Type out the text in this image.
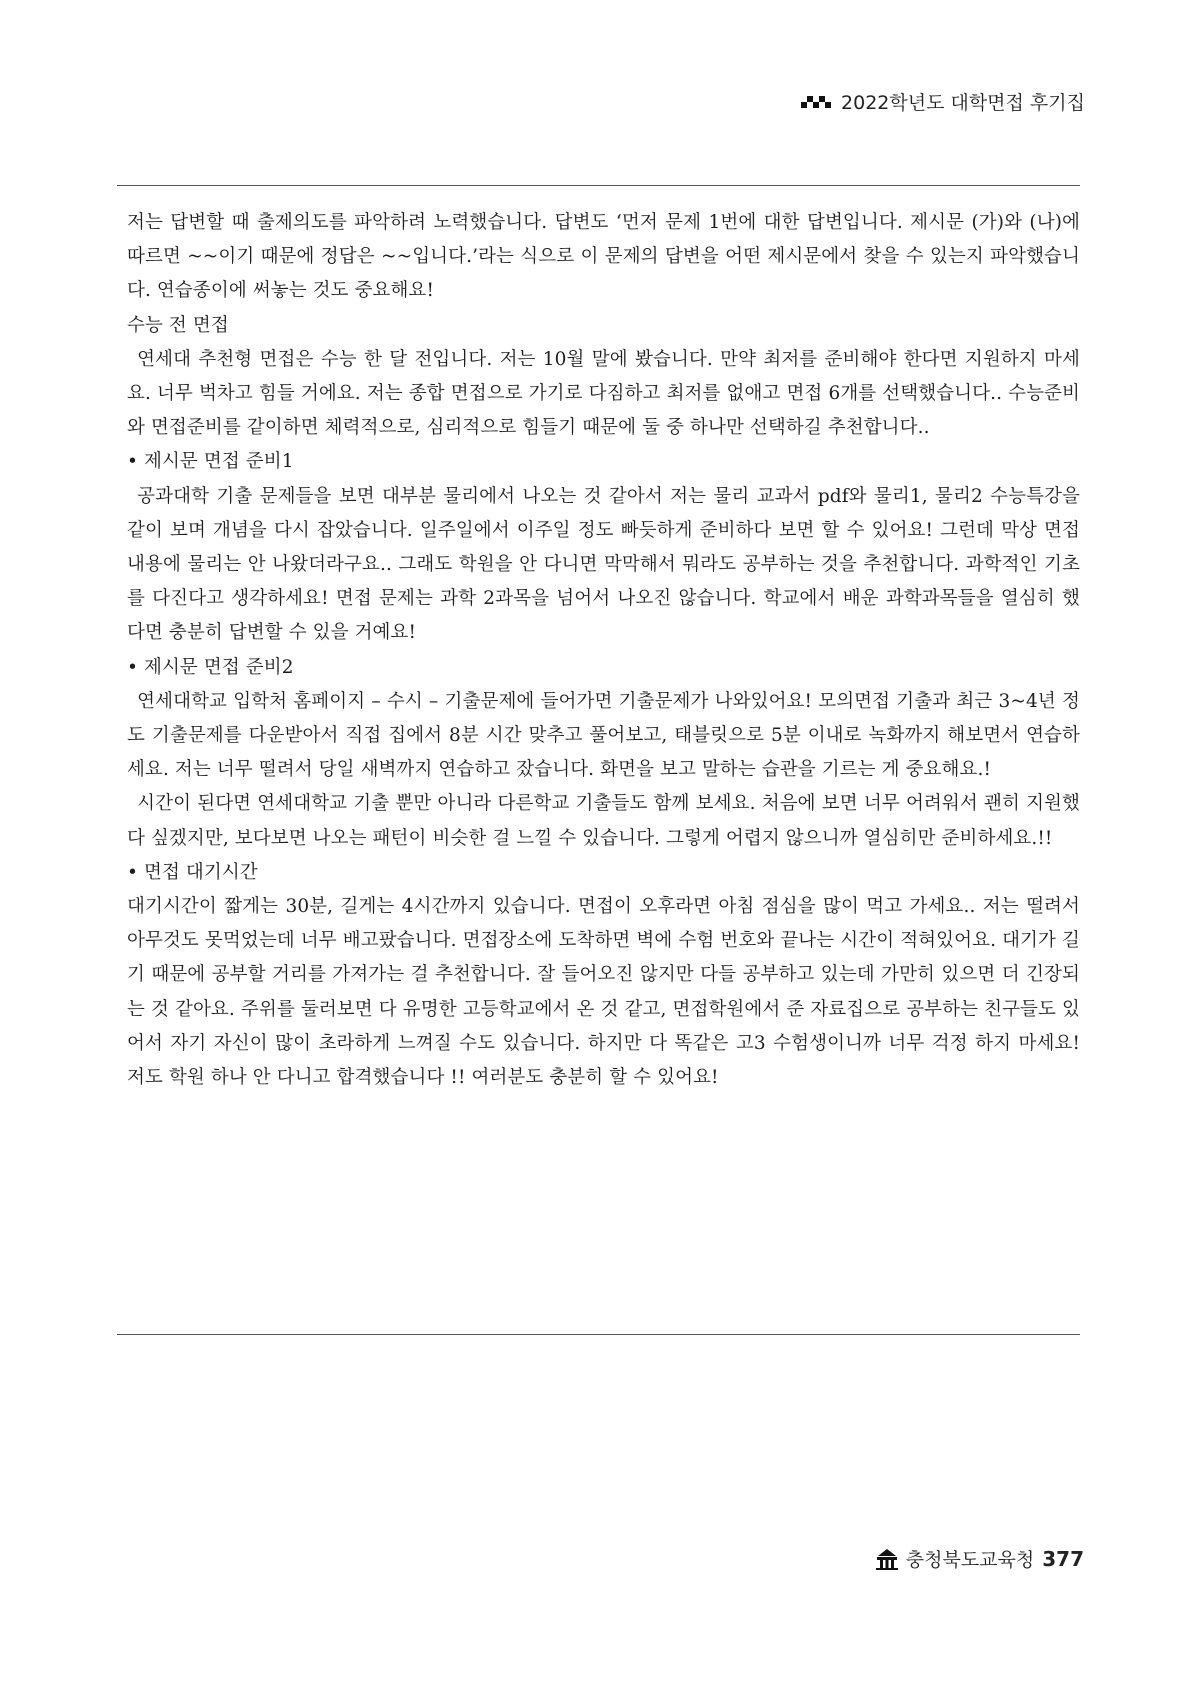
2022학년도 대학면접 후기집

저는 답변할 때 출제의도를 파악하려 노력했습니다. 답변도 ‘먼저 문제 1번에 대한 답변입니다. 제시문 (가)와 (나)에 따르면 ~~이기 때문에 정답은 ~~입니다.’라는 식으로 이 문제의 답변을 어떤 제시문에서 찾을 수 있는지 파악했습니다. 연습종이에 써놓는 것도 중요해요!

수능 전 면접

연세대 추천형 면접은 수능 한 달 전입니다. 저는 10월 말에 봤습니다. 만약 최저를 준비해야 한다면 지원하지 마세요. 너무 벅차고 힘들 거에요. 저는 종합 면접으로 가기로 다짐하고 최저를 없애고 면접 6개를 선택했습니다.. 수능준비와 면접준비를 같이하면 체력적으로, 심리적으로 힘들기 때문에 둘 중 하나만 선택하길 추천합니다..

• 제시문 면접 준비1

공과대학 기출 문제들을 보면 대부분 물리에서 나오는 것 같아서 저는 물리 교과서 pdf와 물리1, 물리2 수능특강을 같이 보며 개념을 다시 잡았습니다. 일주일에서 이주일 정도 빠듯하게 준비하다 보면 할 수 있어요! 그런데 막상 면접 내용에 물리는 안 나왔더라구요.. 그래도 학원을 안 다니면 막막해서 뭐라도 공부하는 것을 추천합니다. 과학적인 기초를 다진다고 생각하세요! 면접 문제는 과학 2과목을 넘어서 나오진 않습니다. 학교에서 배운 과학과목들을 열심히 했다면 충분히 답변할 수 있을 거예요!

• 제시문 면접 준비2

연세대학교 입학처 홈페이지 – 수시 – 기출문제에 들어가면 기출문제가 나와있어요! 모의면접 기출과 최근 3~4년 정도 기출문제를 다운받아서 직접 집에서 8분 시간 맞추고 풀어보고, 태블릿으로 5분 이내로 녹화까지 해보면서 연습하세요. 저는 너무 떨려서 당일 새벽까지 연습하고 잤습니다. 화면을 보고 말하는 습관을 기르는 게 중요해요.!

시간이 된다면 연세대학교 기출 뿐만 아니라 다른학교 기출들도 함께 보세요. 처음에 보면 너무 어려워서 괜히 지원했다 싶겠지만, 보다보면 나오는 패턴이 비슷한 걸 느낄 수 있습니다. 그렇게 어렵지 않으니까 열심히만 준비하세요.!!

• 면접 대기시간

대기시간이 짧게는 30분, 길게는 4시간까지 있습니다. 면접이 오후라면 아침 점심을 많이 먹고 가세요.. 저는 떨려서 아무것도 못먹었는데 너무 배고팠습니다. 면접장소에 도착하면 벽에 수험 번호와 끝나는 시간이 적혀있어요. 대기가 길기 때문에 공부할 거리를 가져가는 걸 추천합니다. 잘 들어오진 않지만 다들 공부하고 있는데 가만히 있으면 더 긴장되는 것 같아요. 주위를 둘러보면 다 유명한 고등학교에서 온 것 같고, 면접학원에서 준 자료집으로 공부하는 친구들도 있어서 자기 자신이 많이 초라하게 느껴질 수도 있습니다. 하지만 다 똑같은 고3 수험생이니까 너무 걱정 하지 마세요! 저도 학원 하나 안 다니고 합격했습니다 !! 여러분도 충분히 할 수 있어요!

충청북도교육청 377
